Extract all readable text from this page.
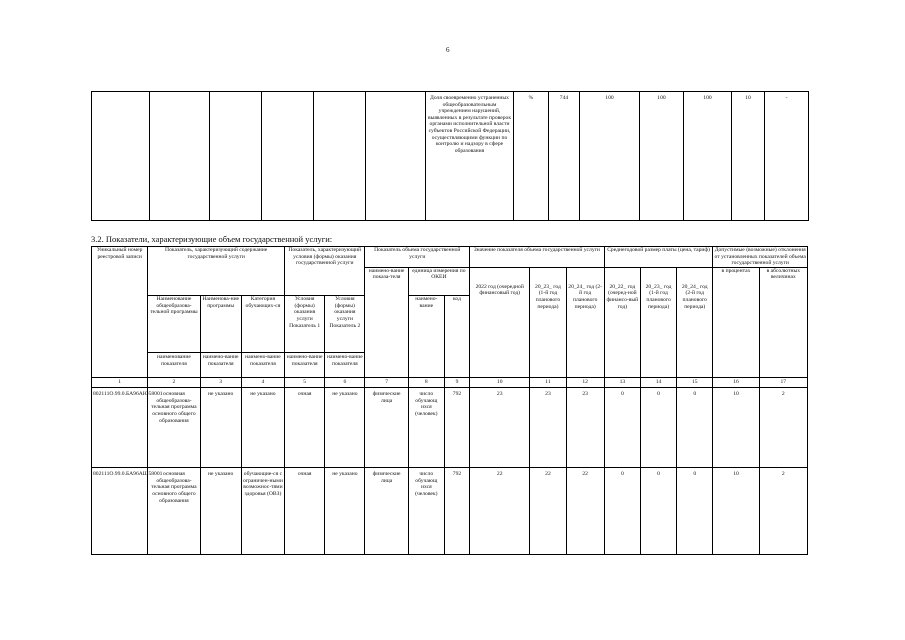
6
						Доля своевременно устраненных общеобразовательным учреждением нарушений, выявленных в результате проверок органами исполнительной власти субъектов Российской Федерации, осуществляющими функции по контролю и надзору в сфере образования	%	744	100	100	100	10	-
3.2. Показатели, характеризующие объем государственной услуги:
Уникальный номер реестровой записи	Показатель, характеризующий содержание государственной услуги			Показатель, характеризующий условия (формы) оказания государственной услуги		Показатель объема государственной услуги			Значение показателя объема государственной услуги			Среднегодовой размер платы (цена, тариф)			Допустимые (возможные) отклонения от установленных показателей объема государственной услуги	
						наимено-вание показа-теля	единица измерения по ОКЕИ		2022 год (очередной финансовый год)	20_23_ год (1-й год планового периода)	20_24_ год (2-й год планового периода)	20_22_ год (очеред-ной финансо-вый год)	20_23_ год (1-й год планового периода)	20_24_ год (2-й год планового периода)	в процентах	в абсолютных величинах
	Наименование общеобразова-тельной программы	Наименова-ние программы	Категория обучающих-ся	Условия (формы) оказания услуги Показатель 1	Условия (формы) оказания услуги Показатель 2		наимено-вание	код								
	наименование показателя	наимено-вание показателя	наимено-вание показателя	наимено-вание показателя	наимено-вание показателя											
1	2	3	4	5	6	7	8	9	10	11	12	13	14	15	16	17
802111О.99.0.БА96АЮ58001	основная общеобразова-тельная программа основного общего образования	не указано	не указано	очная	не указано	физические лица	число обучающ ихся (человек)	792	23	23	23	0	0	0	10	2
802111О.99.0.БА96АШ58001	основная общеобразова-тельная программа основного общего образования	не указано	обучающие-ся с ограничен-ными возможнос-тями здоровья (ОВЗ)	очная	не указано	физические лица	число обучающ ихся (человек)	792	22	22	22	0	0	0	10	2
